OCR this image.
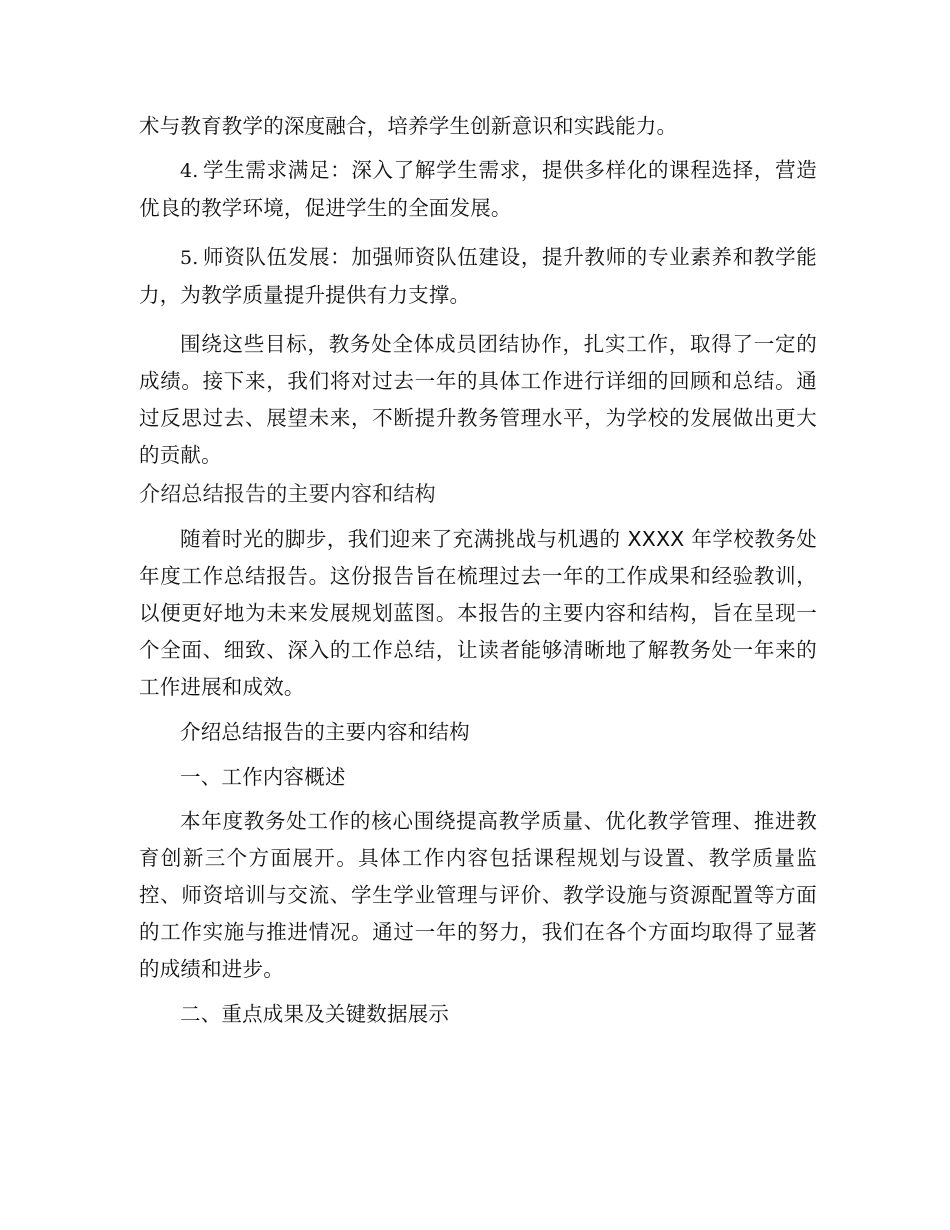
术与教育教学的深度融合，培养学生创新意识和实践能力。

4. 学生需求满足：深入了解学生需求，提供多样化的课程选择，营造优良的教学环境，促进学生的全面发展。

5. 师资队伍发展：加强师资队伍建设，提升教师的专业素养和教学能力，为教学质量提升提供有力支撑。

围绕这些目标，教务处全体成员团结协作，扎实工作，取得了一定的成绩。接下来，我们将对过去一年的具体工作进行详细的回顾和总结。通过反思过去、展望未来，不断提升教务管理水平，为学校的发展做出更大的贡献。

介绍总结报告的主要内容和结构

随着时光的脚步，我们迎来了充满挑战与机遇的 XXXX 年学校教务处年度工作总结报告。这份报告旨在梳理过去一年的工作成果和经验教训，以便更好地为未来发展规划蓝图。本报告的主要内容和结构，旨在呈现一个全面、细致、深入的工作总结，让读者能够清晰地了解教务处一年来的工作进展和成效。

介绍总结报告的主要内容和结构

一、工作内容概述

本年度教务处工作的核心围绕提高教学质量、优化教学管理、推进教育创新三个方面展开。具体工作内容包括课程规划与设置、教学质量监控、师资培训与交流、学生学业管理与评价、教学设施与资源配置等方面的工作实施与推进情况。通过一年的努力，我们在各个方面均取得了显著的成绩和进步。

二、重点成果及关键数据展示
